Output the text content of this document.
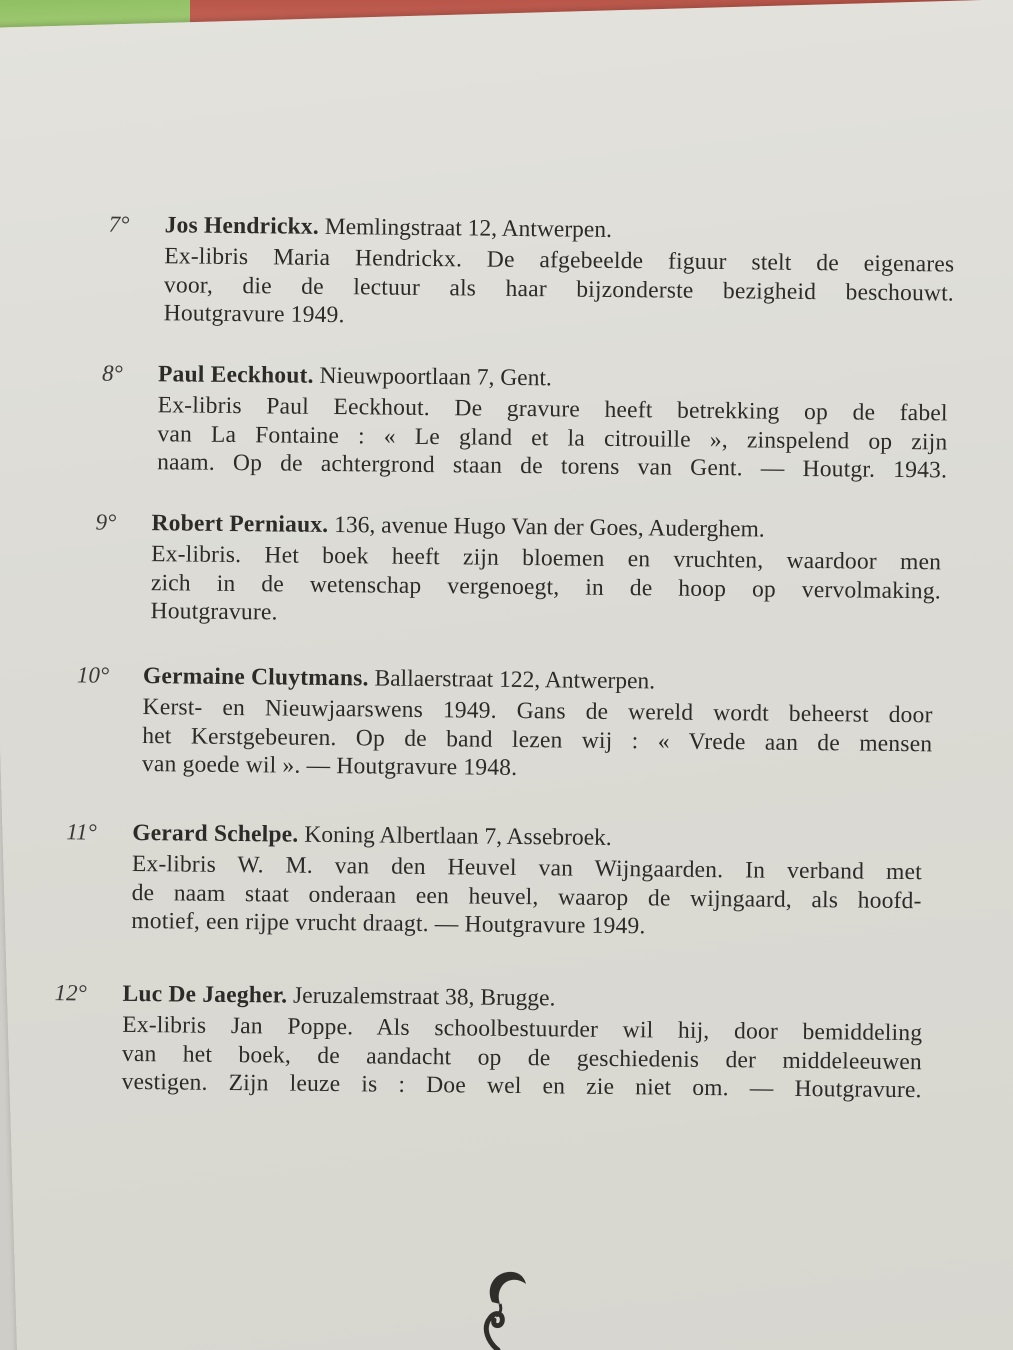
7° Jos Hendrickx. Memlingstraat 12, Antwerpen.
Ex-libris Maria Hendrickx. De afgebeelde figuur stelt de eigenares
voor, die de lectuur als haar bijzonderste bezigheid beschouwt.
Houtgravure 1949.
8° Paul Eeckhout. Nieuwpoortlaan 7, Gent.
Ex-libris Paul Eeckhout. De gravure heeft betrekking op de fabel
van La Fontaine : « Le gland et la citrouille », zinspelend op zijn
naam. Op de achtergrond staan de torens van Gent. — Houtgr. 1943.
9° Robert Perniaux. 136, avenue Hugo Van der Goes, Auderghem.
Ex-libris. Het boek heeft zijn bloemen en vruchten, waardoor men
zich in de wetenschap vergenoegt, in de hoop op vervolmaking.
Houtgravure.
10° Germaine Cluytmans. Ballaerstraat 122, Antwerpen.
Kerst- en Nieuwjaarswens 1949. Gans de wereld wordt beheerst door
het Kerstgebeuren. Op de band lezen wij : « Vrede aan de mensen
van goede wil ». — Houtgravure 1948.
11° Gerard Schelpe. Koning Albertlaan 7, Assebroek.
Ex-libris W. M. van den Heuvel van Wijngaarden. In verband met
de naam staat onderaan een heuvel, waarop de wijngaard, als hoofd-
motief, een rijpe vrucht draagt. — Houtgravure 1949.
12° Luc De Jaegher. Jeruzalemstraat 38, Brugge.
Ex-libris Jan Poppe. Als schoolbestuurder wil hij, door bemiddeling
van het boek, de aandacht op de geschiedenis der middeleeuwen
vestigen. Zijn leuze is : Doe wel en zie niet om. — Houtgravure.
